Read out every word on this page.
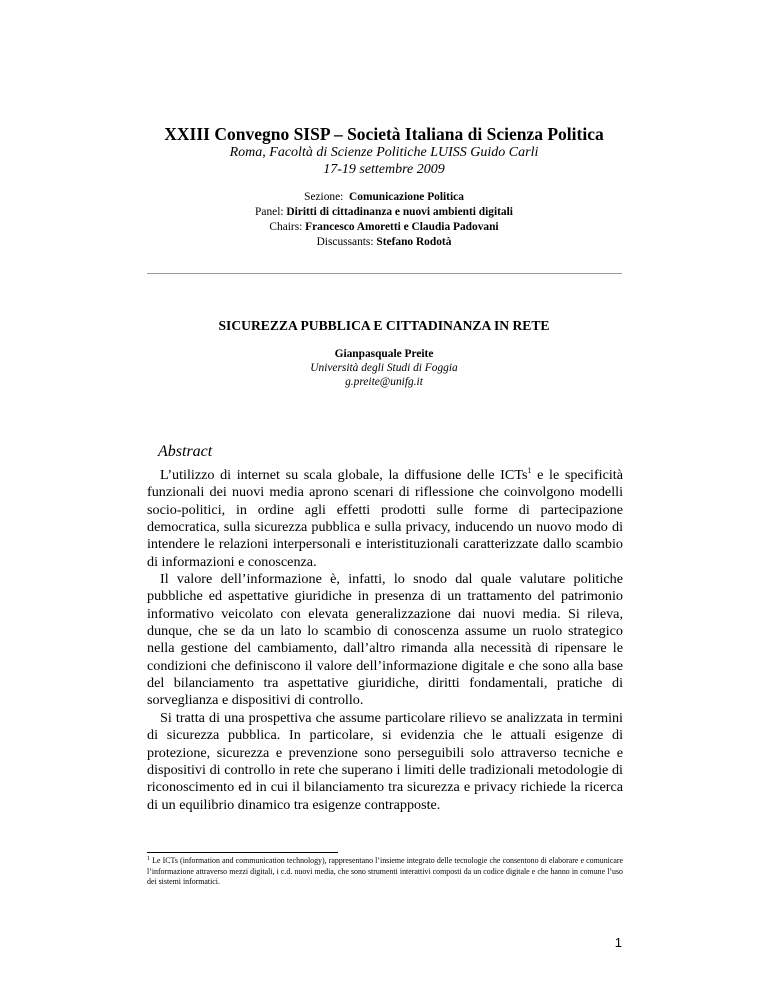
XXIII Convegno SISP – Società Italiana di Scienza Politica
Roma, Facoltà di Scienze Politiche LUISS Guido Carli
17-19 settembre 2009
Sezione: Comunicazione Politica
Panel: Diritti di cittadinanza e nuovi ambienti digitali
Chairs: Francesco Amoretti e Claudia Padovani
Discussants: Stefano Rodotà
SICUREZZA PUBBLICA E CITTADINANZA IN RETE
Gianpasquale Preite
Università degli Studi di Foggia
g.preite@unifg.it
Abstract

L’utilizzo di internet su scala globale, la diffusione delle ICTs$^1$ e le specificità funzionali dei nuovi media aprono scenari di riflessione che coinvolgono modelli socio-politici, in ordine agli effetti prodotti sulle forme di partecipazione democratica, sulla sicurezza pubblica e sulla privacy, inducendo un nuovo modo di intendere le relazioni interpersonali e interistituzionali caratterizzate dallo scambio di informazioni e conoscenza.

Il valore dell’informazione è, infatti, lo snodo dal quale valutare politiche pubbliche ed aspettative giuridiche in presenza di un trattamento del patrimonio informativo veicolato con elevata generalizzazione dai nuovi media. Si rileva, dunque, che se da un lato lo scambio di conoscenza assume un ruolo strategico nella gestione del cambiamento, dall’altro rimanda alla necessità di ripensare le condizioni che definiscono il valore dell’informazione digitale e che sono alla base del bilanciamento tra aspettative giuridiche, diritti fondamentali, pratiche di sorveglianza e dispositivi di controllo.

Si tratta di una prospettiva che assume particolare rilievo se analizzata in termini di sicurezza pubblica. In particolare, si evidenzia che le attuali esigenze di protezione, sicurezza e prevenzione sono perseguibili solo attraverso tecniche e dispositivi di controllo in rete che superano i limiti delle tradizionali metodologie di riconoscimento ed in cui il bilanciamento tra sicurezza e privacy richiede la ricerca di un equilibrio dinamico tra esigenze contrapposte.

$^1$ Le ICTs (information and communication technology), rappresentano l’insieme integrato delle tecnologie che consentono di elaborare e comunicare l’informazione attraverso mezzi digitali, i c.d. nuovi media, che sono strumenti interattivi composti da un codice digitale e che hanno in comune l’uso dei sistemi informatici.
1
